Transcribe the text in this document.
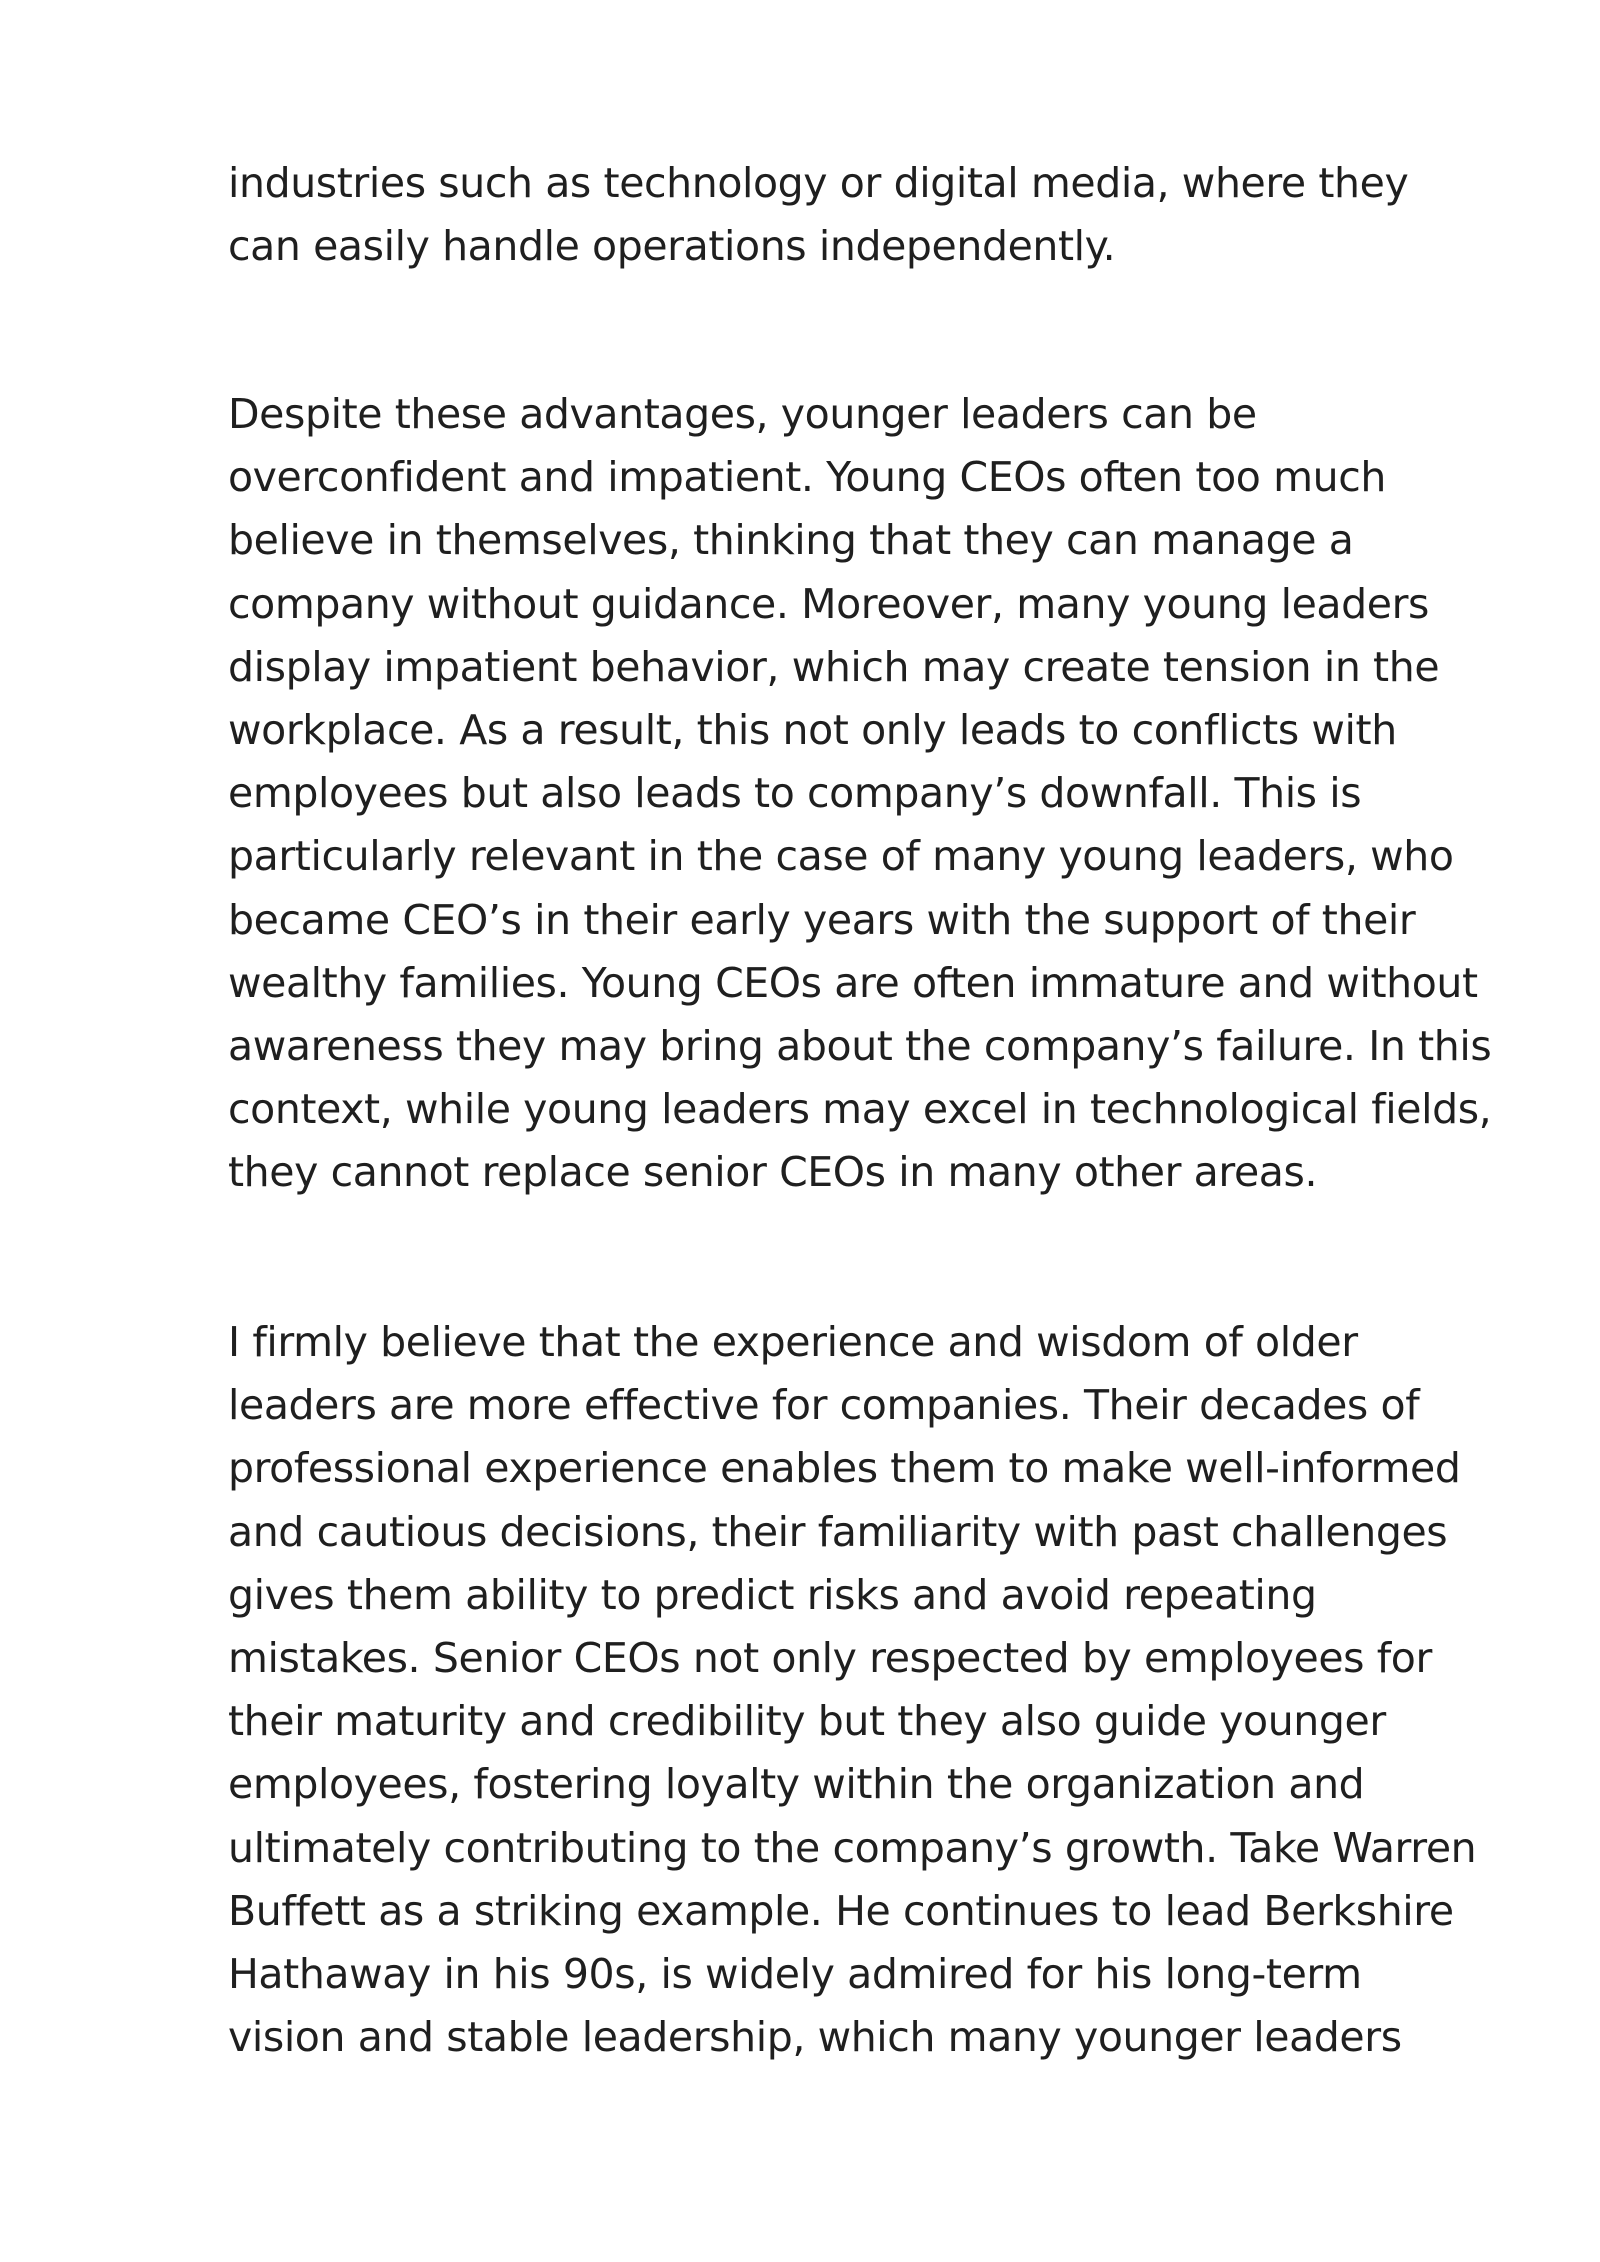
industries such as technology or digital media, where they
can easily handle operations independently.

Despite these advantages, younger leaders can be
overconfident and impatient. Young CEOs often too much
believe in themselves, thinking that they can manage a
company without guidance. Moreover, many young leaders
display impatient behavior, which may create tension in the
workplace. As a result, this not only leads to conflicts with
employees but also leads to company’s downfall. This is
particularly relevant in the case of many young leaders, who
became CEO’s in their early years with the support of their
wealthy families. Young CEOs are often immature and without
awareness they may bring about the company’s failure. In this
context, while young leaders may excel in technological fields,
they cannot replace senior CEOs in many other areas.

I firmly believe that the experience and wisdom of older
leaders are more effective for companies. Their decades of
professional experience enables them to make well-informed
and cautious decisions, their familiarity with past challenges
gives them ability to predict risks and avoid repeating
mistakes. Senior CEOs not only respected by employees for
their maturity and credibility but they also guide younger
employees, fostering loyalty within the organization and
ultimately contributing to the company’s growth. Take Warren
Buffett as a striking example. He continues to lead Berkshire
Hathaway in his 90s, is widely admired for his long-term
vision and stable leadership, which many younger leaders
